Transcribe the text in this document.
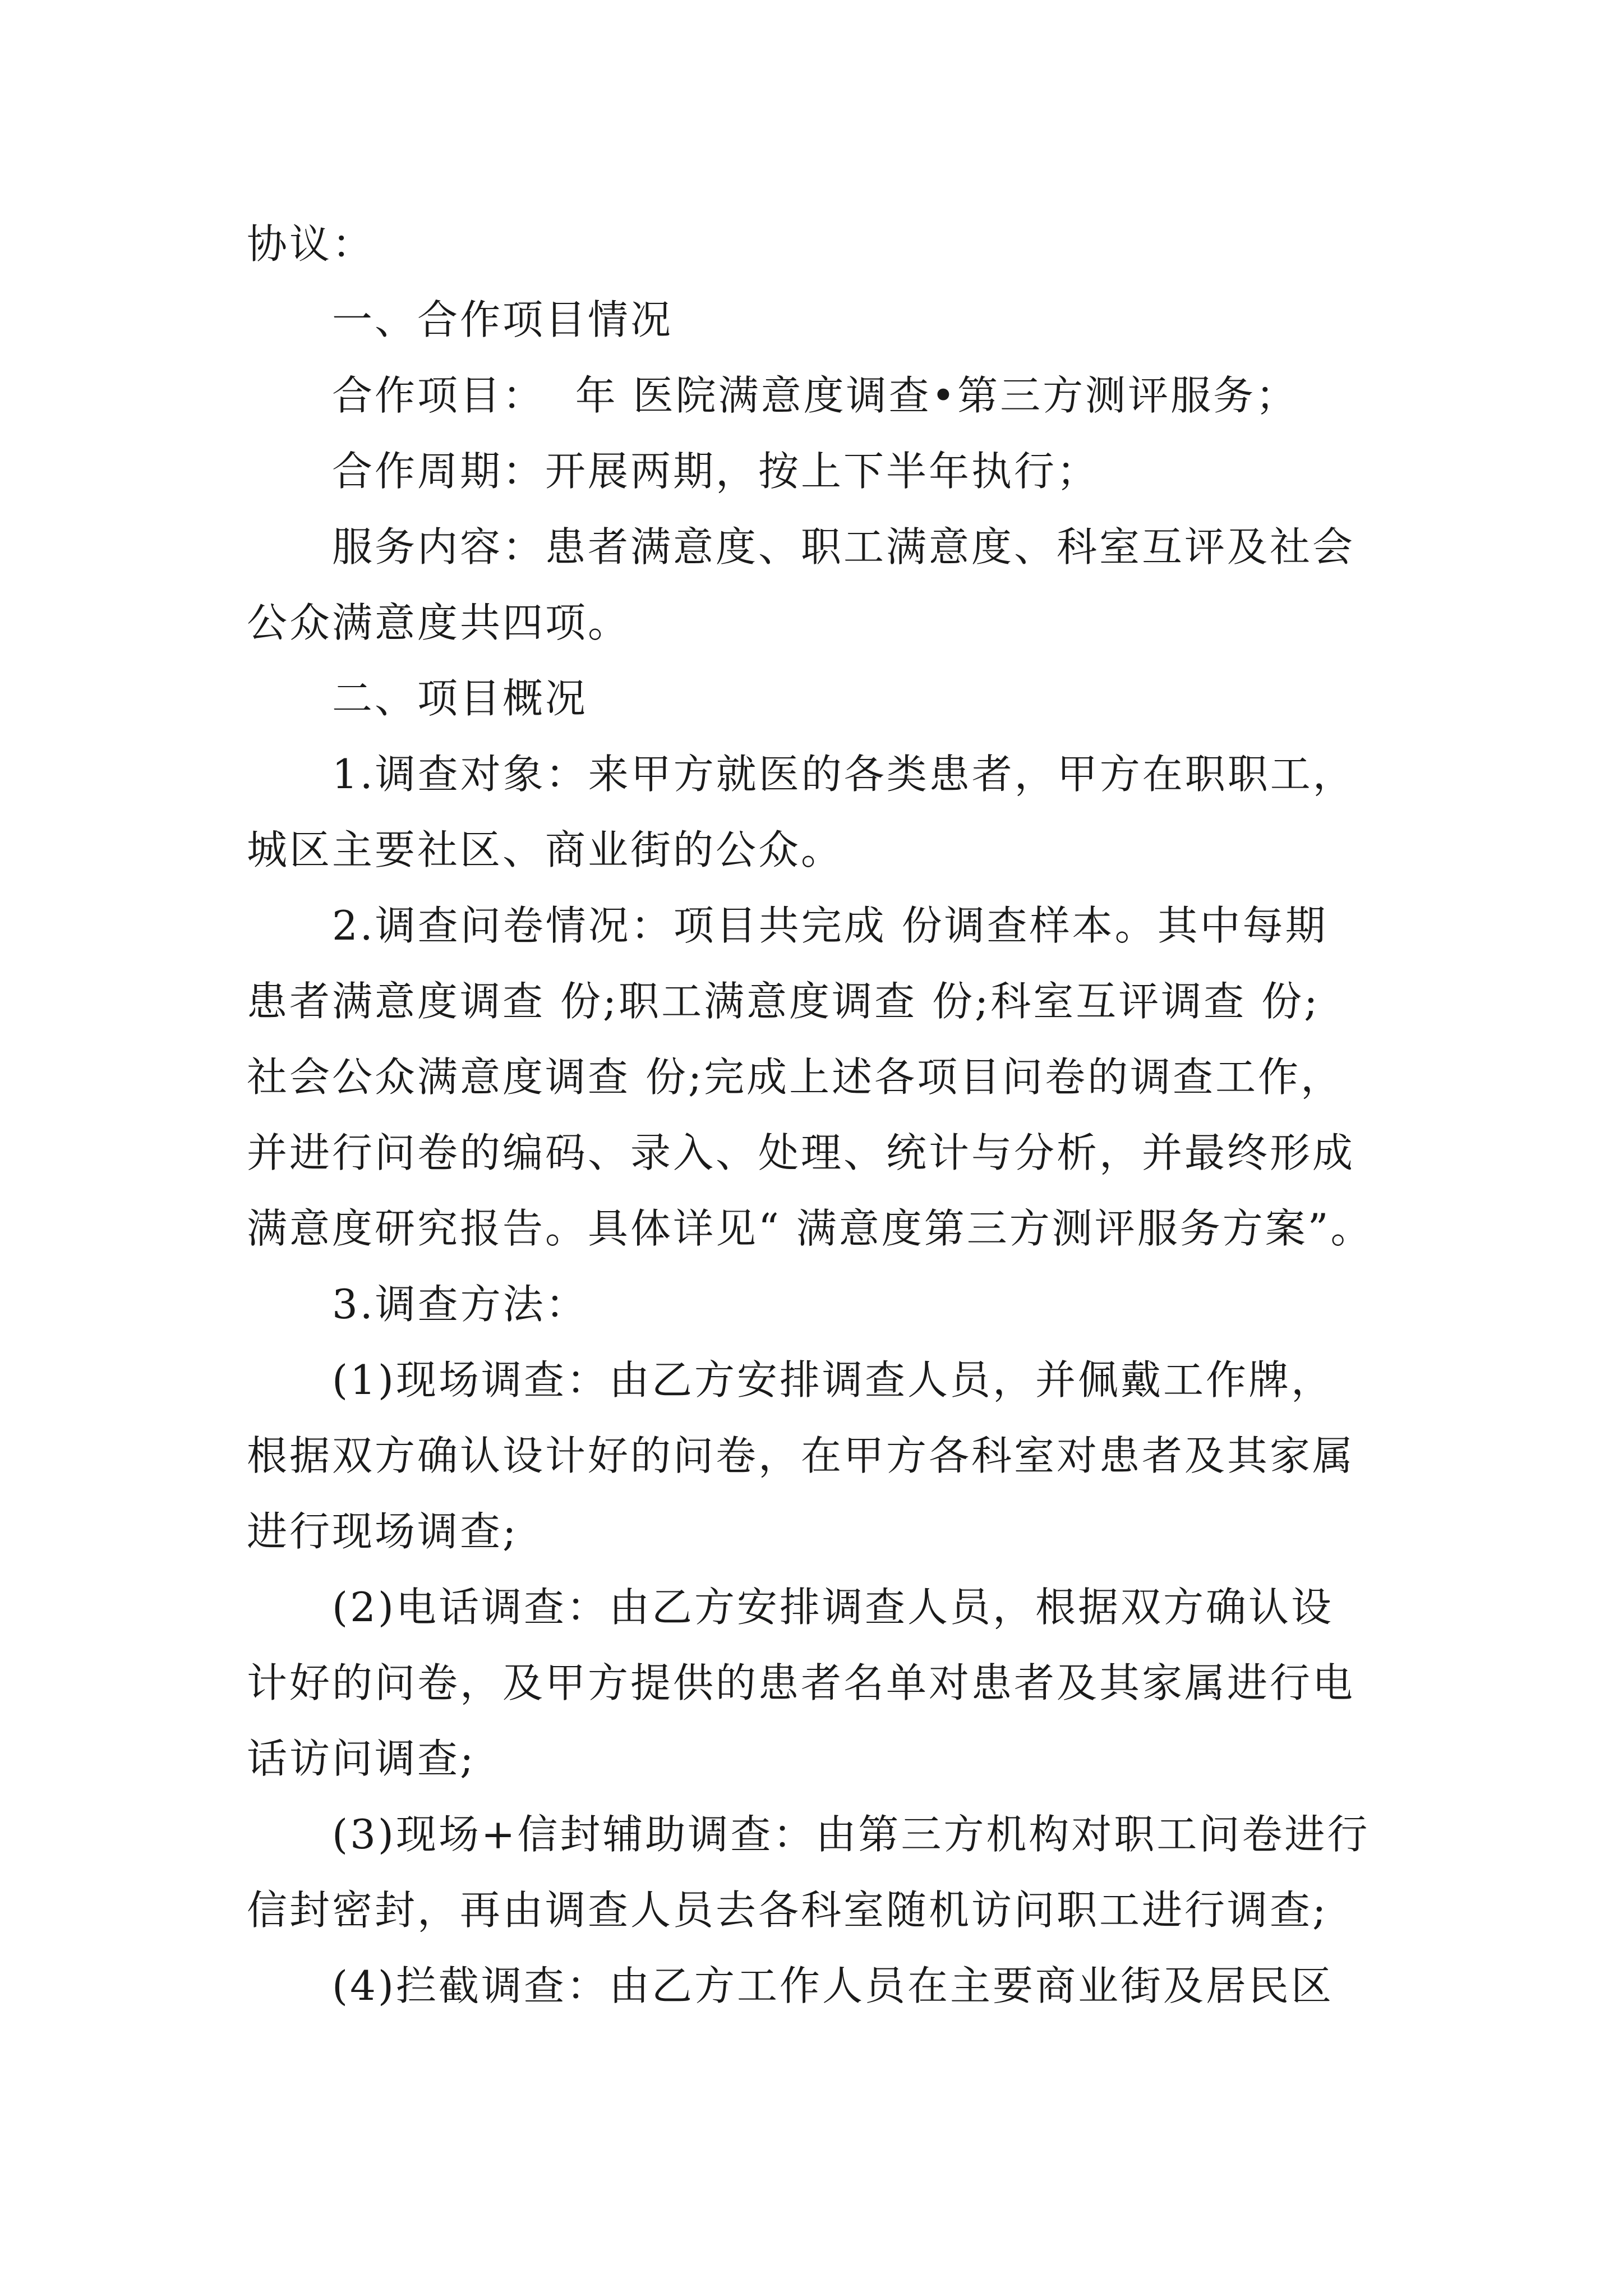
协议：
一、合作项目情况
合作项目：  年 医院满意度调查•第三方测评服务；
合作周期：开展两期，按上下半年执行；
服务内容：患者满意度、职工满意度、科室互评及社会
公众满意度共四项。
二、项目概况
1.调查对象：来甲方就医的各类患者，甲方在职职工，
城区主要社区、商业街的公众。
2.调查问卷情况：项目共完成 份调查样本。其中每期
患者满意度调查 份;职工满意度调查 份;科室互评调查 份;
社会公众满意度调查 份;完成上述各项目问卷的调查工作，
并进行问卷的编码、录入、处理、统计与分析，并最终形成
满意度研究报告。具体详见“ 满意度第三方测评服务方案”。
3.调查方法：
(1)现场调查：由乙方安排调查人员，并佩戴工作牌，
根据双方确认设计好的问卷，在甲方各科室对患者及其家属
进行现场调查;
(2)电话调查：由乙方安排调查人员，根据双方确认设
计好的问卷，及甲方提供的患者名单对患者及其家属进行电
话访问调查;
(3)现场+信封辅助调查：由第三方机构对职工问卷进行
信封密封，再由调查人员去各科室随机访问职工进行调查;
(4)拦截调查：由乙方工作人员在主要商业街及居民区
